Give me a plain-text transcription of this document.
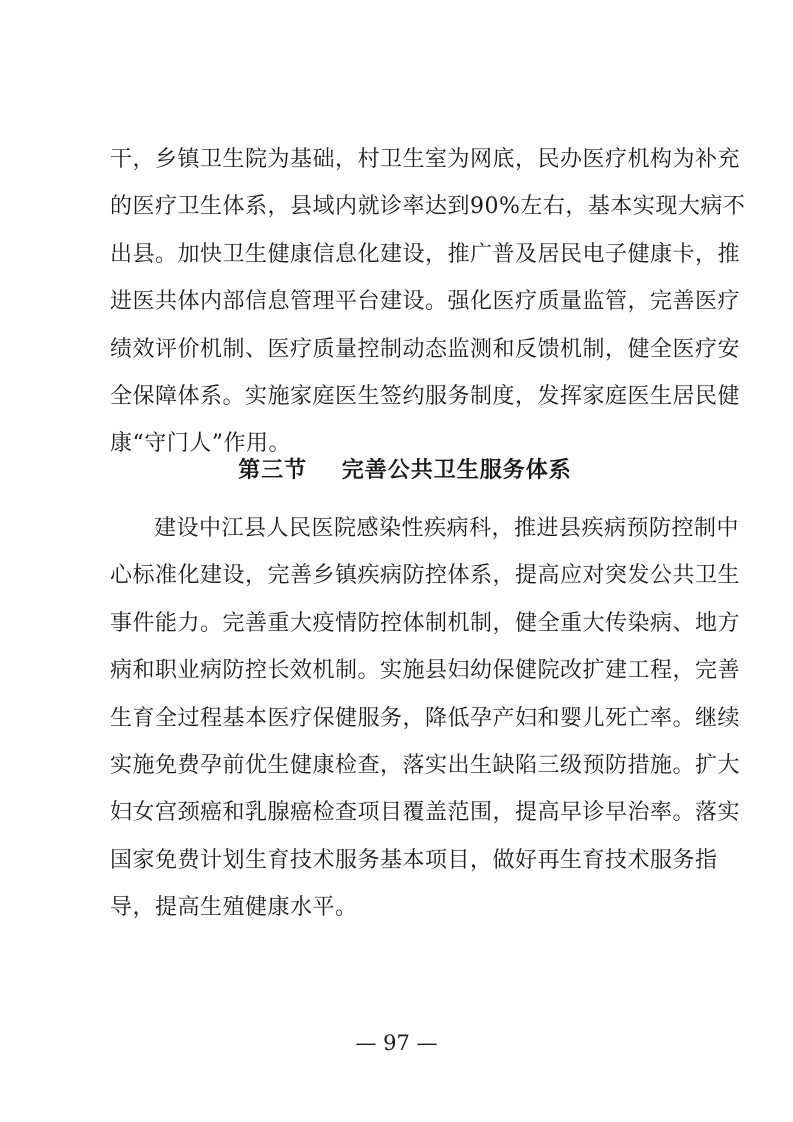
干，乡镇卫生院为基础，村卫生室为网底，民办医疗机构为补充
的医疗卫生体系，县域内就诊率达到90%左右，基本实现大病不
出县。加快卫生健康信息化建设，推广普及居民电子健康卡，推
进医共体内部信息管理平台建设。强化医疗质量监管，完善医疗
绩效评价机制、医疗质量控制动态监测和反馈机制，健全医疗安
全保障体系。实施家庭医生签约服务制度，发挥家庭医生居民健
康“守门人”作用。
第三节    完善公共卫生服务体系
建设中江县人民医院感染性疾病科，推进县疾病预防控制中
心标准化建设，完善乡镇疾病防控体系，提高应对突发公共卫生
事件能力。完善重大疫情防控体制机制，健全重大传染病、地方
病和职业病防控长效机制。实施县妇幼保健院改扩建工程，完善
生育全过程基本医疗保健服务，降低孕产妇和婴儿死亡率。继续
实施免费孕前优生健康检查，落实出生缺陷三级预防措施。扩大
妇女宫颈癌和乳腺癌检查项目覆盖范围，提高早诊早治率。落实
国家免费计划生育技术服务基本项目，做好再生育技术服务指
导，提高生殖健康水平。
— 97 —
